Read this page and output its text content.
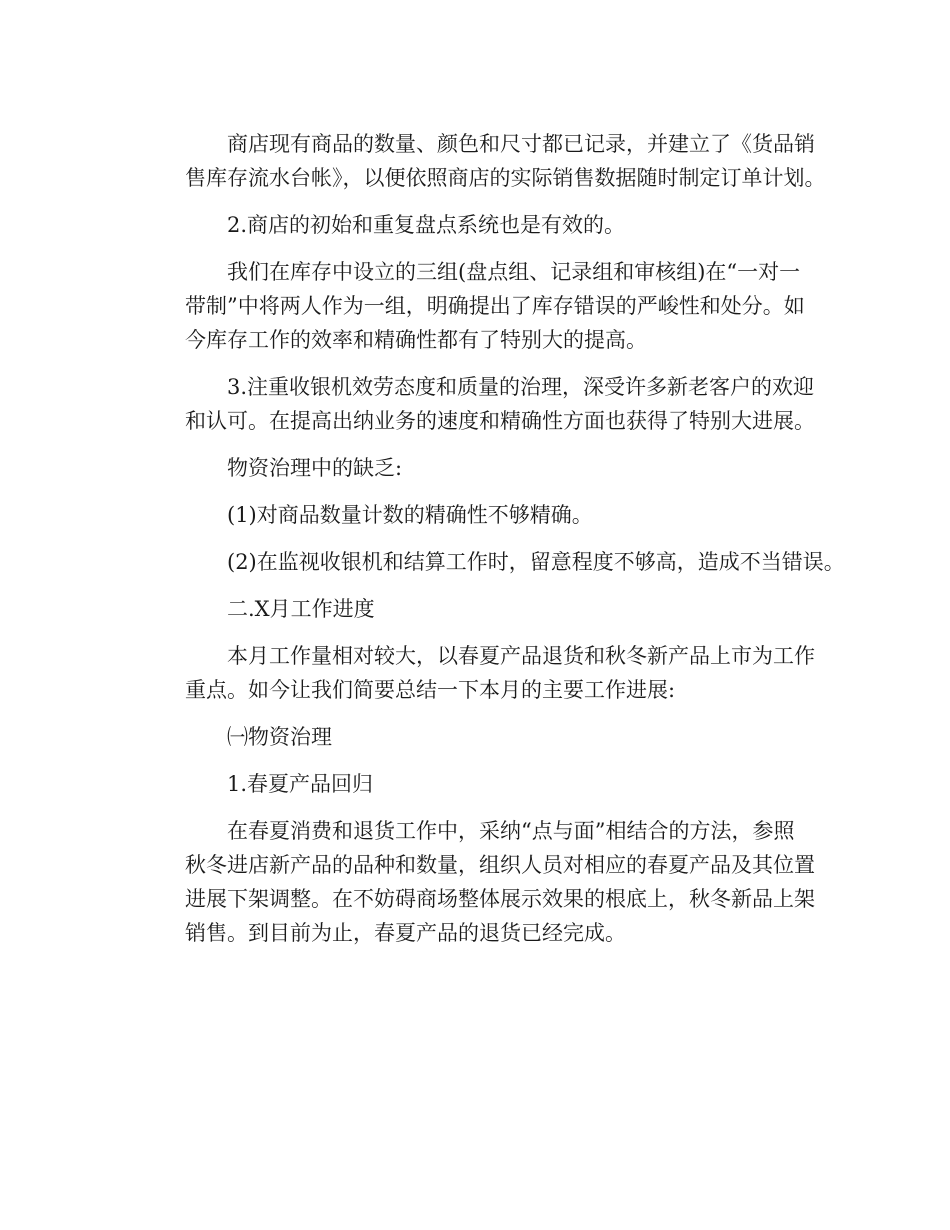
商店现有商品的数量、颜色和尺寸都已记录，并建立了《货品销
售库存流水台帐》，以便依照商店的实际销售数据随时制定订单计划。
2.商店的初始和重复盘点系统也是有效的。
我们在库存中设立的三组(盘点组、记录组和审核组)在“一对一
带制”中将两人作为一组，明确提出了库存错误的严峻性和处分。如
今库存工作的效率和精确性都有了特别大的提高。
3.注重收银机效劳态度和质量的治理，深受许多新老客户的欢迎
和认可。在提高出纳业务的速度和精确性方面也获得了特别大进展。
物资治理中的缺乏:
(1)对商品数量计数的精确性不够精确。
(2)在监视收银机和结算工作时，留意程度不够高，造成不当错误。
二.X月工作进度
本月工作量相对较大，以春夏产品退货和秋冬新产品上市为工作
重点。如今让我们简要总结一下本月的主要工作进展:
㈠物资治理
1.春夏产品回归
在春夏消费和退货工作中，采纳“点与面”相结合的方法，参照
秋冬进店新产品的品种和数量，组织人员对相应的春夏产品及其位置
进展下架调整。在不妨碍商场整体展示效果的根底上，秋冬新品上架
销售。到目前为止，春夏产品的退货已经完成。
